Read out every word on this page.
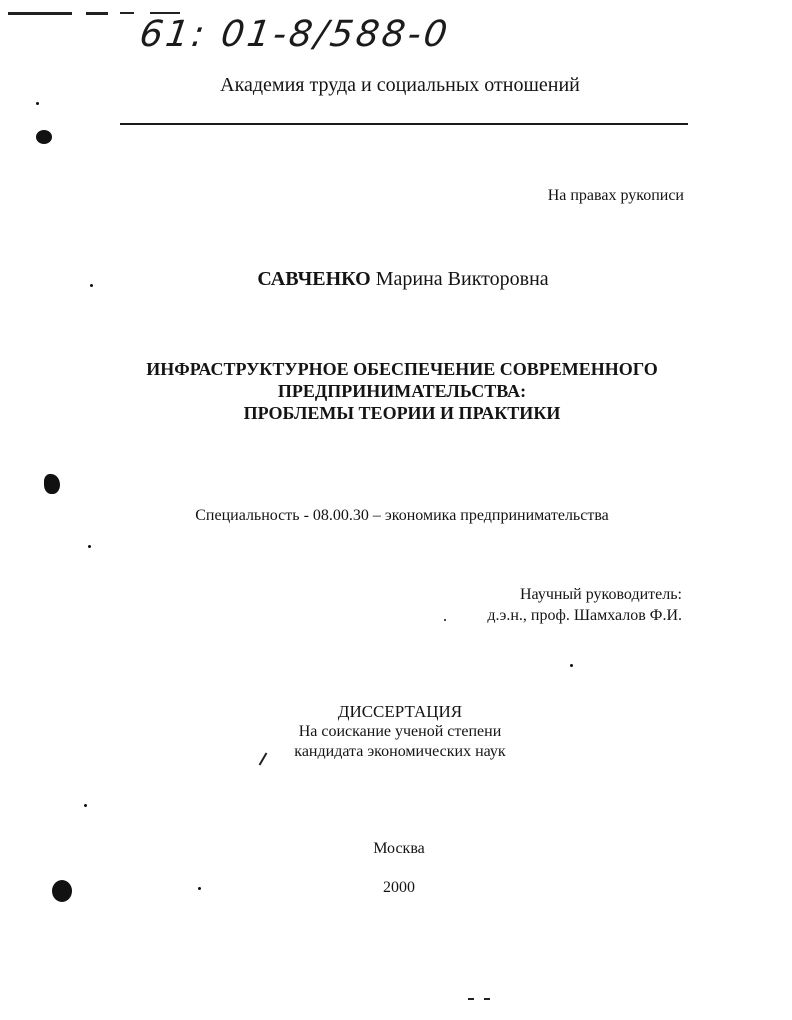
61: 01-8/588-0
Академия труда и социальных отношений
На правах рукописи
САВЧЕНКО Марина Викторовна
ИНФРАСТРУКТУРНОЕ ОБЕСПЕЧЕНИЕ СОВРЕМЕННОГО
ПРЕДПРИНИМАТЕЛЬСТВА:
ПРОБЛЕМЫ ТЕОРИИ И ПРАКТИКИ
Специальность - 08.00.30 – экономика предпринимательства
Научный руководитель:
д.э.н., проф. Шамхалов Ф.И.
ДИССЕРТАЦИЯ
На соискание ученой степени
кандидата экономических наук
Москва
2000
